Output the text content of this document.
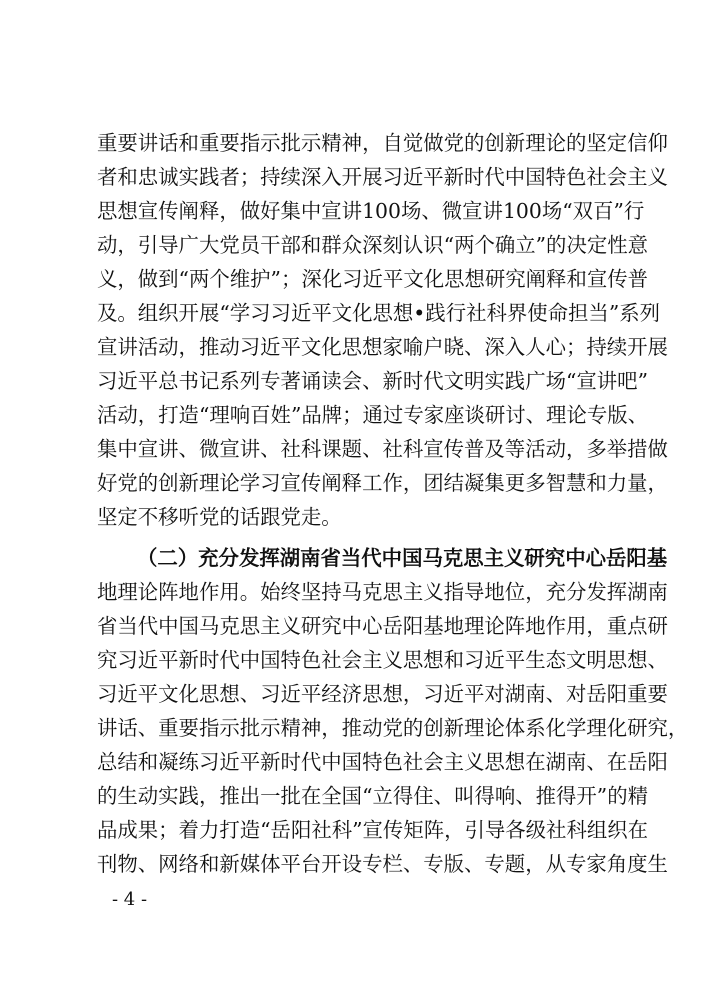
重要讲话和重要指示批示精神，自觉做党的创新理论的坚定信仰
者和忠诚实践者；持续深入开展习近平新时代中国特色社会主义
思想宣传阐释，做好集中宣讲100场、微宣讲100场“双百”行
动，引导广大党员干部和群众深刻认识“两个确立”的决定性意
义，做到“两个维护”；深化习近平文化思想研究阐释和宣传普
及。组织开展“学习习近平文化思想•践行社科界使命担当”系列
宣讲活动，推动习近平文化思想家喻户晓、深入人心；持续开展
习近平总书记系列专著诵读会、新时代文明实践广场“宣讲吧”
活动，打造“理响百姓”品牌；通过专家座谈研讨、理论专版、
集中宣讲、微宣讲、社科课题、社科宣传普及等活动，多举措做
好党的创新理论学习宣传阐释工作，团结凝集更多智慧和力量，
坚定不移听党的话跟党走。
（二）充分发挥湖南省当代中国马克思主义研究中心岳阳基
地理论阵地作用。始终坚持马克思主义指导地位，充分发挥湖南
省当代中国马克思主义研究中心岳阳基地理论阵地作用，重点研
究习近平新时代中国特色社会主义思想和习近平生态文明思想、
习近平文化思想、习近平经济思想，习近平对湖南、对岳阳重要
讲话、重要指示批示精神，推动党的创新理论体系化学理化研究，
总结和凝练习近平新时代中国特色社会主义思想在湖南、在岳阳
的生动实践，推出一批在全国“立得住、叫得响、推得开”的精
品成果；着力打造“岳阳社科”宣传矩阵，引导各级社科组织在
刊物、网络和新媒体平台开设专栏、专版、专题，从专家角度生
- 4 -
